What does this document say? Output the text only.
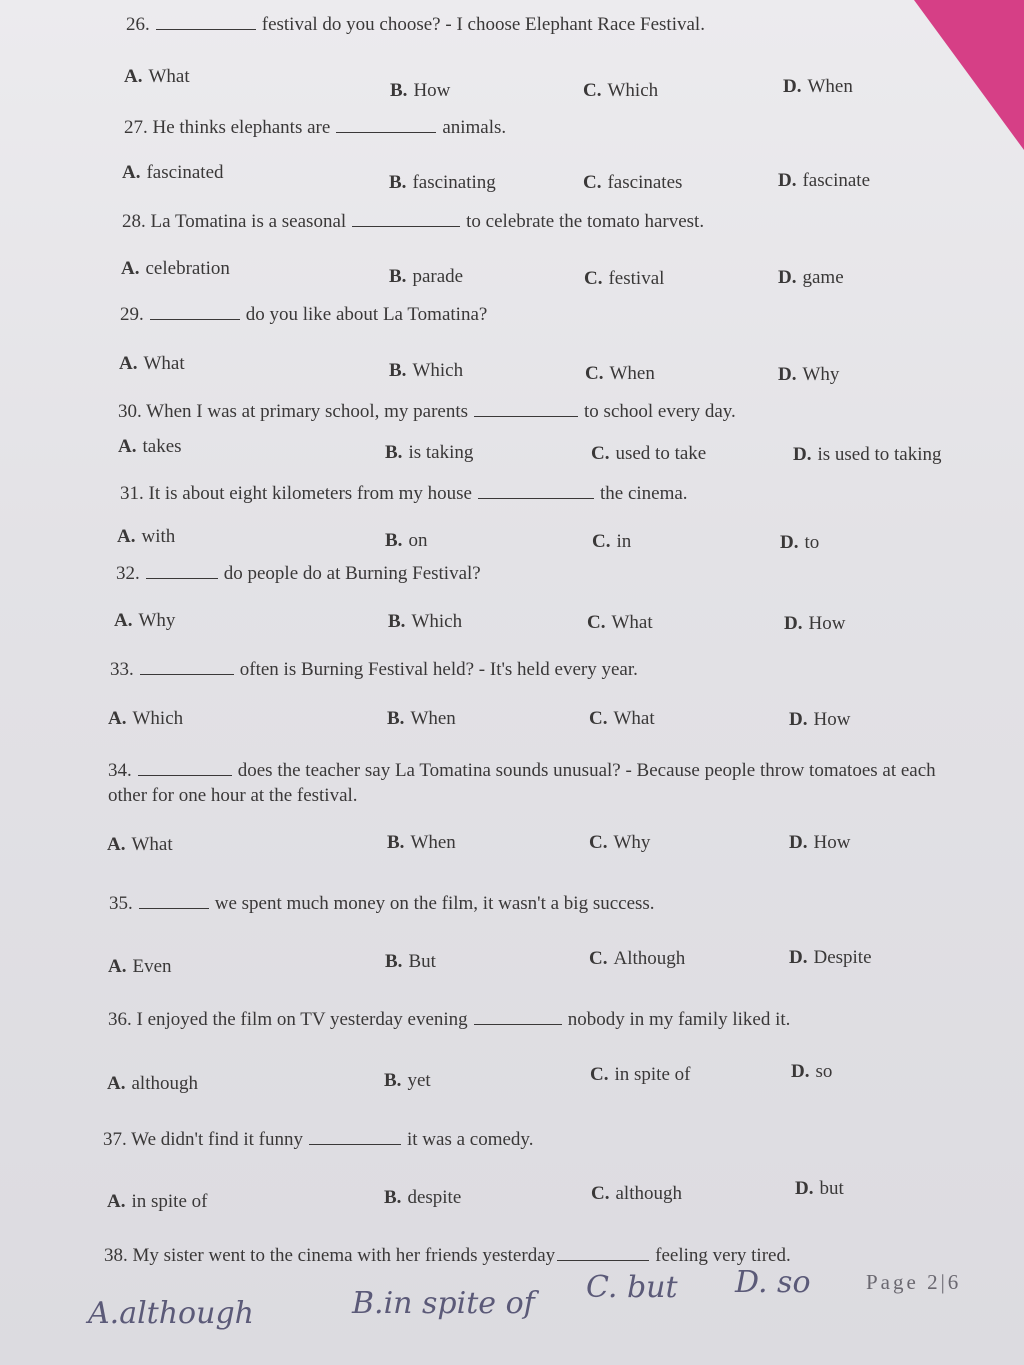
26.	festival do you choose? - I choose Elephant Race Festival.
A. What
B. How	C. Which	D. When
27. He thinks elephants are	animals.
A. fascinated	B. fascinating	C. fascinates	D. fascinate
28. La Tomatina is a seasonal	to celebrate the tomato harvest.
A. celebration	B. parade	C. festival	D. game
29.	do you like about La Tomatina?
A. What	B. Which	C. When	D. Why
30. When I was at primary school, my parents	to school every day.
A. takes	B. is taking	C. used to take	D. is used to taking
31. It is about eight kilometers from my house	the cinema.
A. with	B. on	C. in	D. to
32.	do people do at Burning Festival?
A. Why	B. Which	C. What	D. How
33.	often is Burning Festival held? - It's held every year.
A. Which	B. When	C. What	D. How
34.	does the teacher say La Tomatina sounds unusual? - Because people throw tomatoes at each other for one hour at the festival.
A. What	B. When	C. Why	D. How
35.	we spent much money on the film, it wasn't a big success.
A. Even	B. But	C. Although	D. Despite
36. I enjoyed the film on TV yesterday evening	nobody in my family liked it.
A. although	B. yet	C. in spite of	D. so
37. We didn't find it funny	it was a comedy.
A. in spite of	B. despite	C. although	D. but
38. My sister went to the cinema with her friends yesterday	feeling very tired.
A.although	B.in spite of C. but D. so	Page 2|6
